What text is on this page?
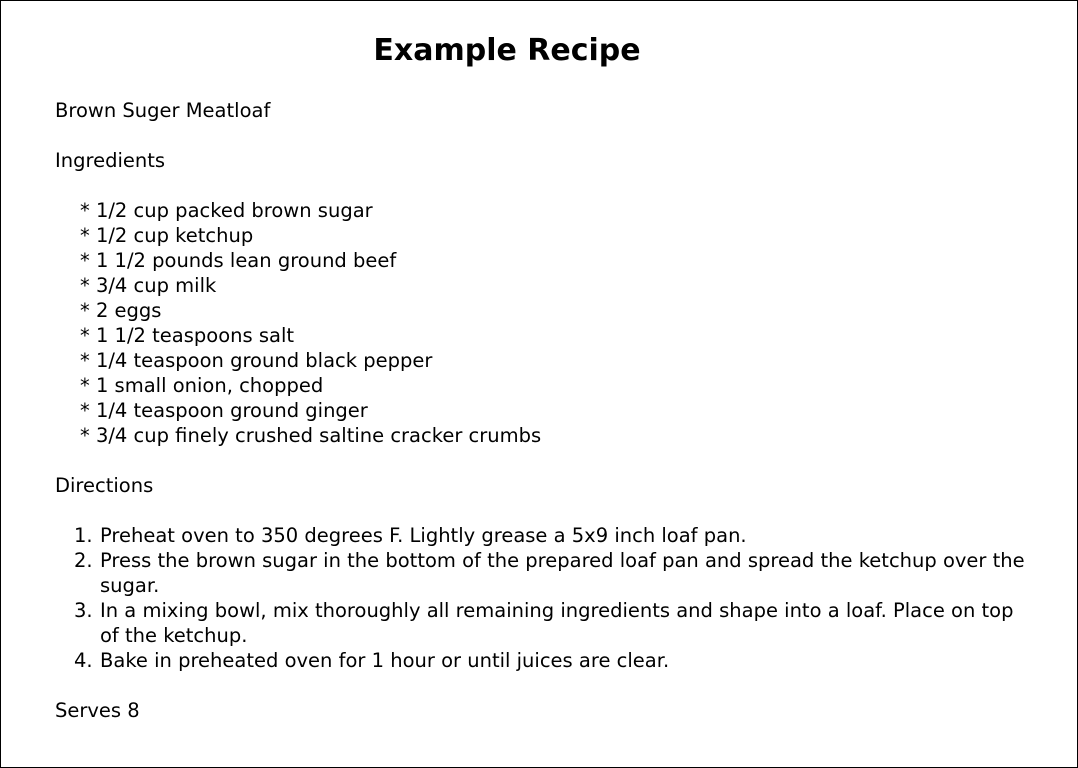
Example Recipe
Brown Suger Meatloaf
Ingredients
* 1/2 cup packed brown sugar
* 1/2 cup ketchup
* 1 1/2 pounds lean ground beef
* 3/4 cup milk
* 2 eggs
* 1 1/2 teaspoons salt
* 1/4 teaspoon ground black pepper
* 1 small onion, chopped
* 1/4 teaspoon ground ginger
* 3/4 cup finely crushed saltine cracker crumbs
Directions
1. Preheat oven to 350 degrees F. Lightly grease a 5x9 inch loaf pan.
2. Press the brown sugar in the bottom of the prepared loaf pan and spread the ketchup over the sugar.
3. In a mixing bowl, mix thoroughly all remaining ingredients and shape into a loaf. Place on top of the ketchup.
4. Bake in preheated oven for 1 hour or until juices are clear.
Serves 8
